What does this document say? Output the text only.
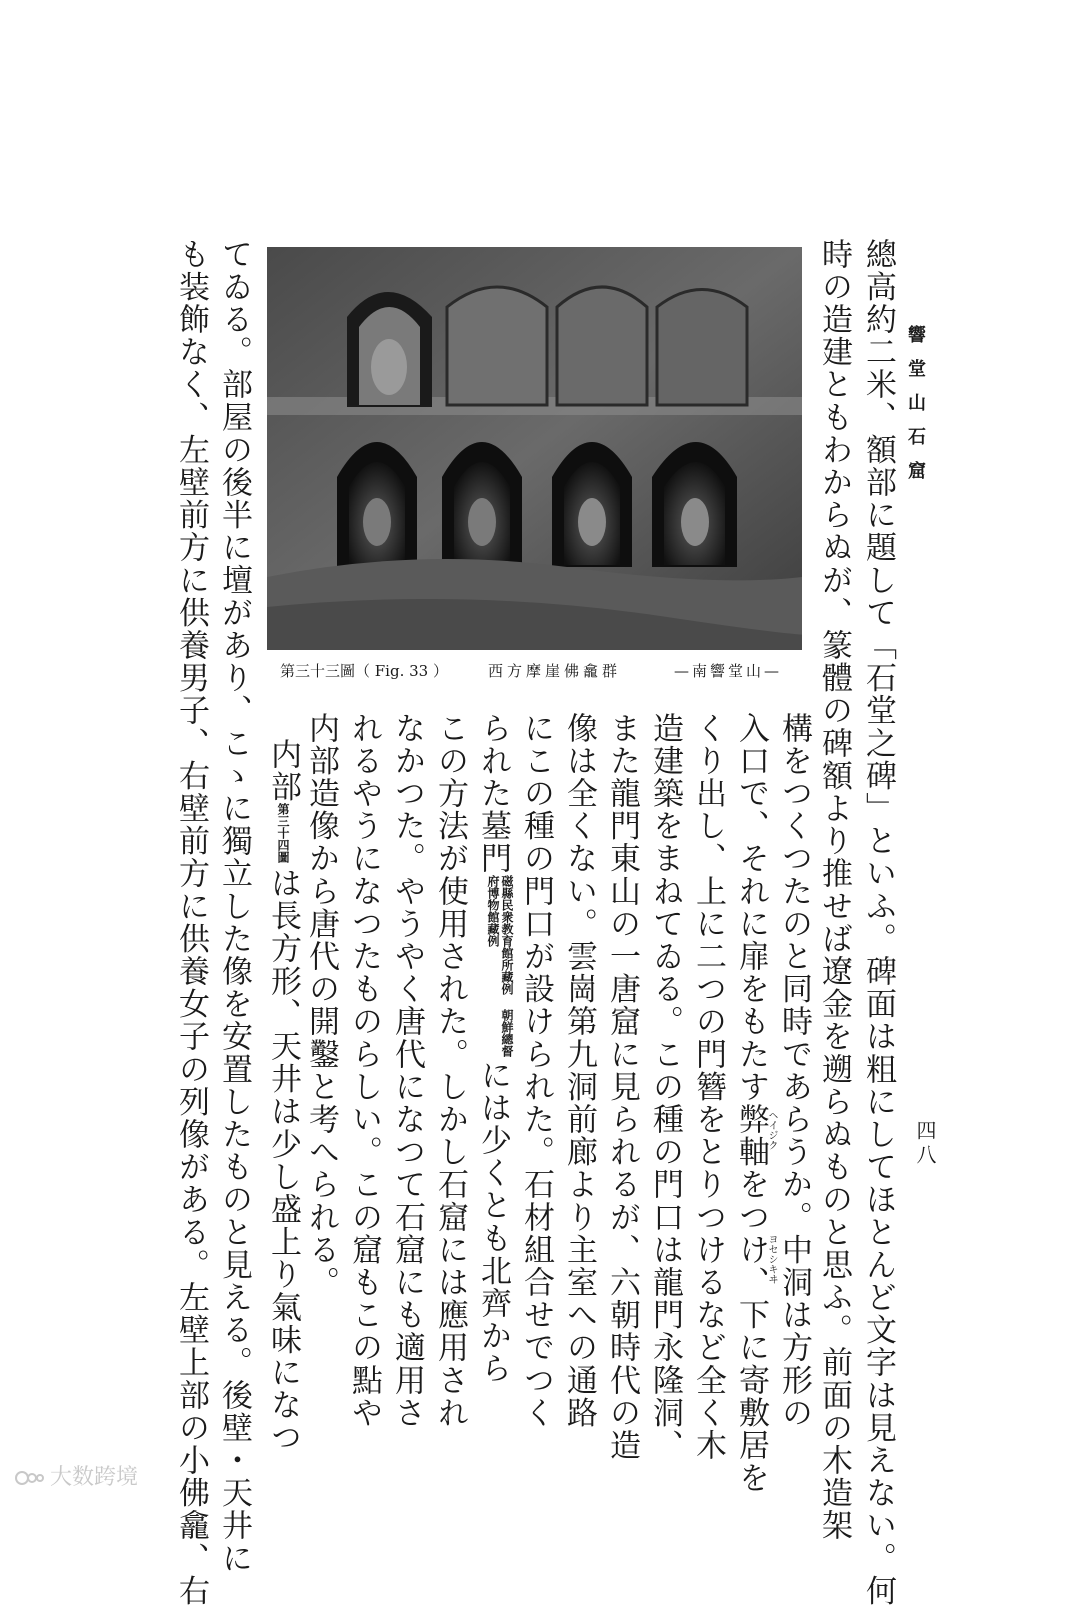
響堂山石窟
四八
總高約二米、額部に題して「石堂之碑」といふ。碑面は粗にしてほとんど文字は見えない。何
時の造建ともわからぬが、篆體の碑額より推せば遼金を遡らぬものと思ふ。前面の木造架
第三十三圖（ Fig. 33 ）	西方摩崖佛龕群	—南響堂山—
構をつくつたのと同時であらうか。中洞は方形の
入口で、それに扉をもたす弊軸をつけ、下に寄敷居を
ヘイジク
ヨセシキヰ
くり出し、上に二つの門簪をとりつけるなど全く木
造建築をまねてゐる。この種の門口は龍門永隆洞、
また龍門東山の一唐窟に見られるが、六朝時代の造
像は全くない。雲崗第九洞前廊より主室への通路
にこの種の門口が設けられた。石材組合せでつく
られた墓門磁縣民衆教育館所藏例 朝鮮總督府博物館藏例には少くとも北齊から
この方法が使用された。しかし石窟には應用され
なかつた。やうやく唐代になつて石窟にも適用さ
れるやうになつたものらしい。この窟もこの點や
内部造像から唐代の開鑿と考へられる。
内部第三十四圖は長方形、天井は少し盛上り氣味になつ
てゐる。部屋の後半に壇があり、こゝに獨立した像を安置したものと見える。後壁・天井に
も装飾なく、左壁前方に供養男子、右壁前方に供養女子の列像がある。左壁上部の小佛龕、右
大数跨境
